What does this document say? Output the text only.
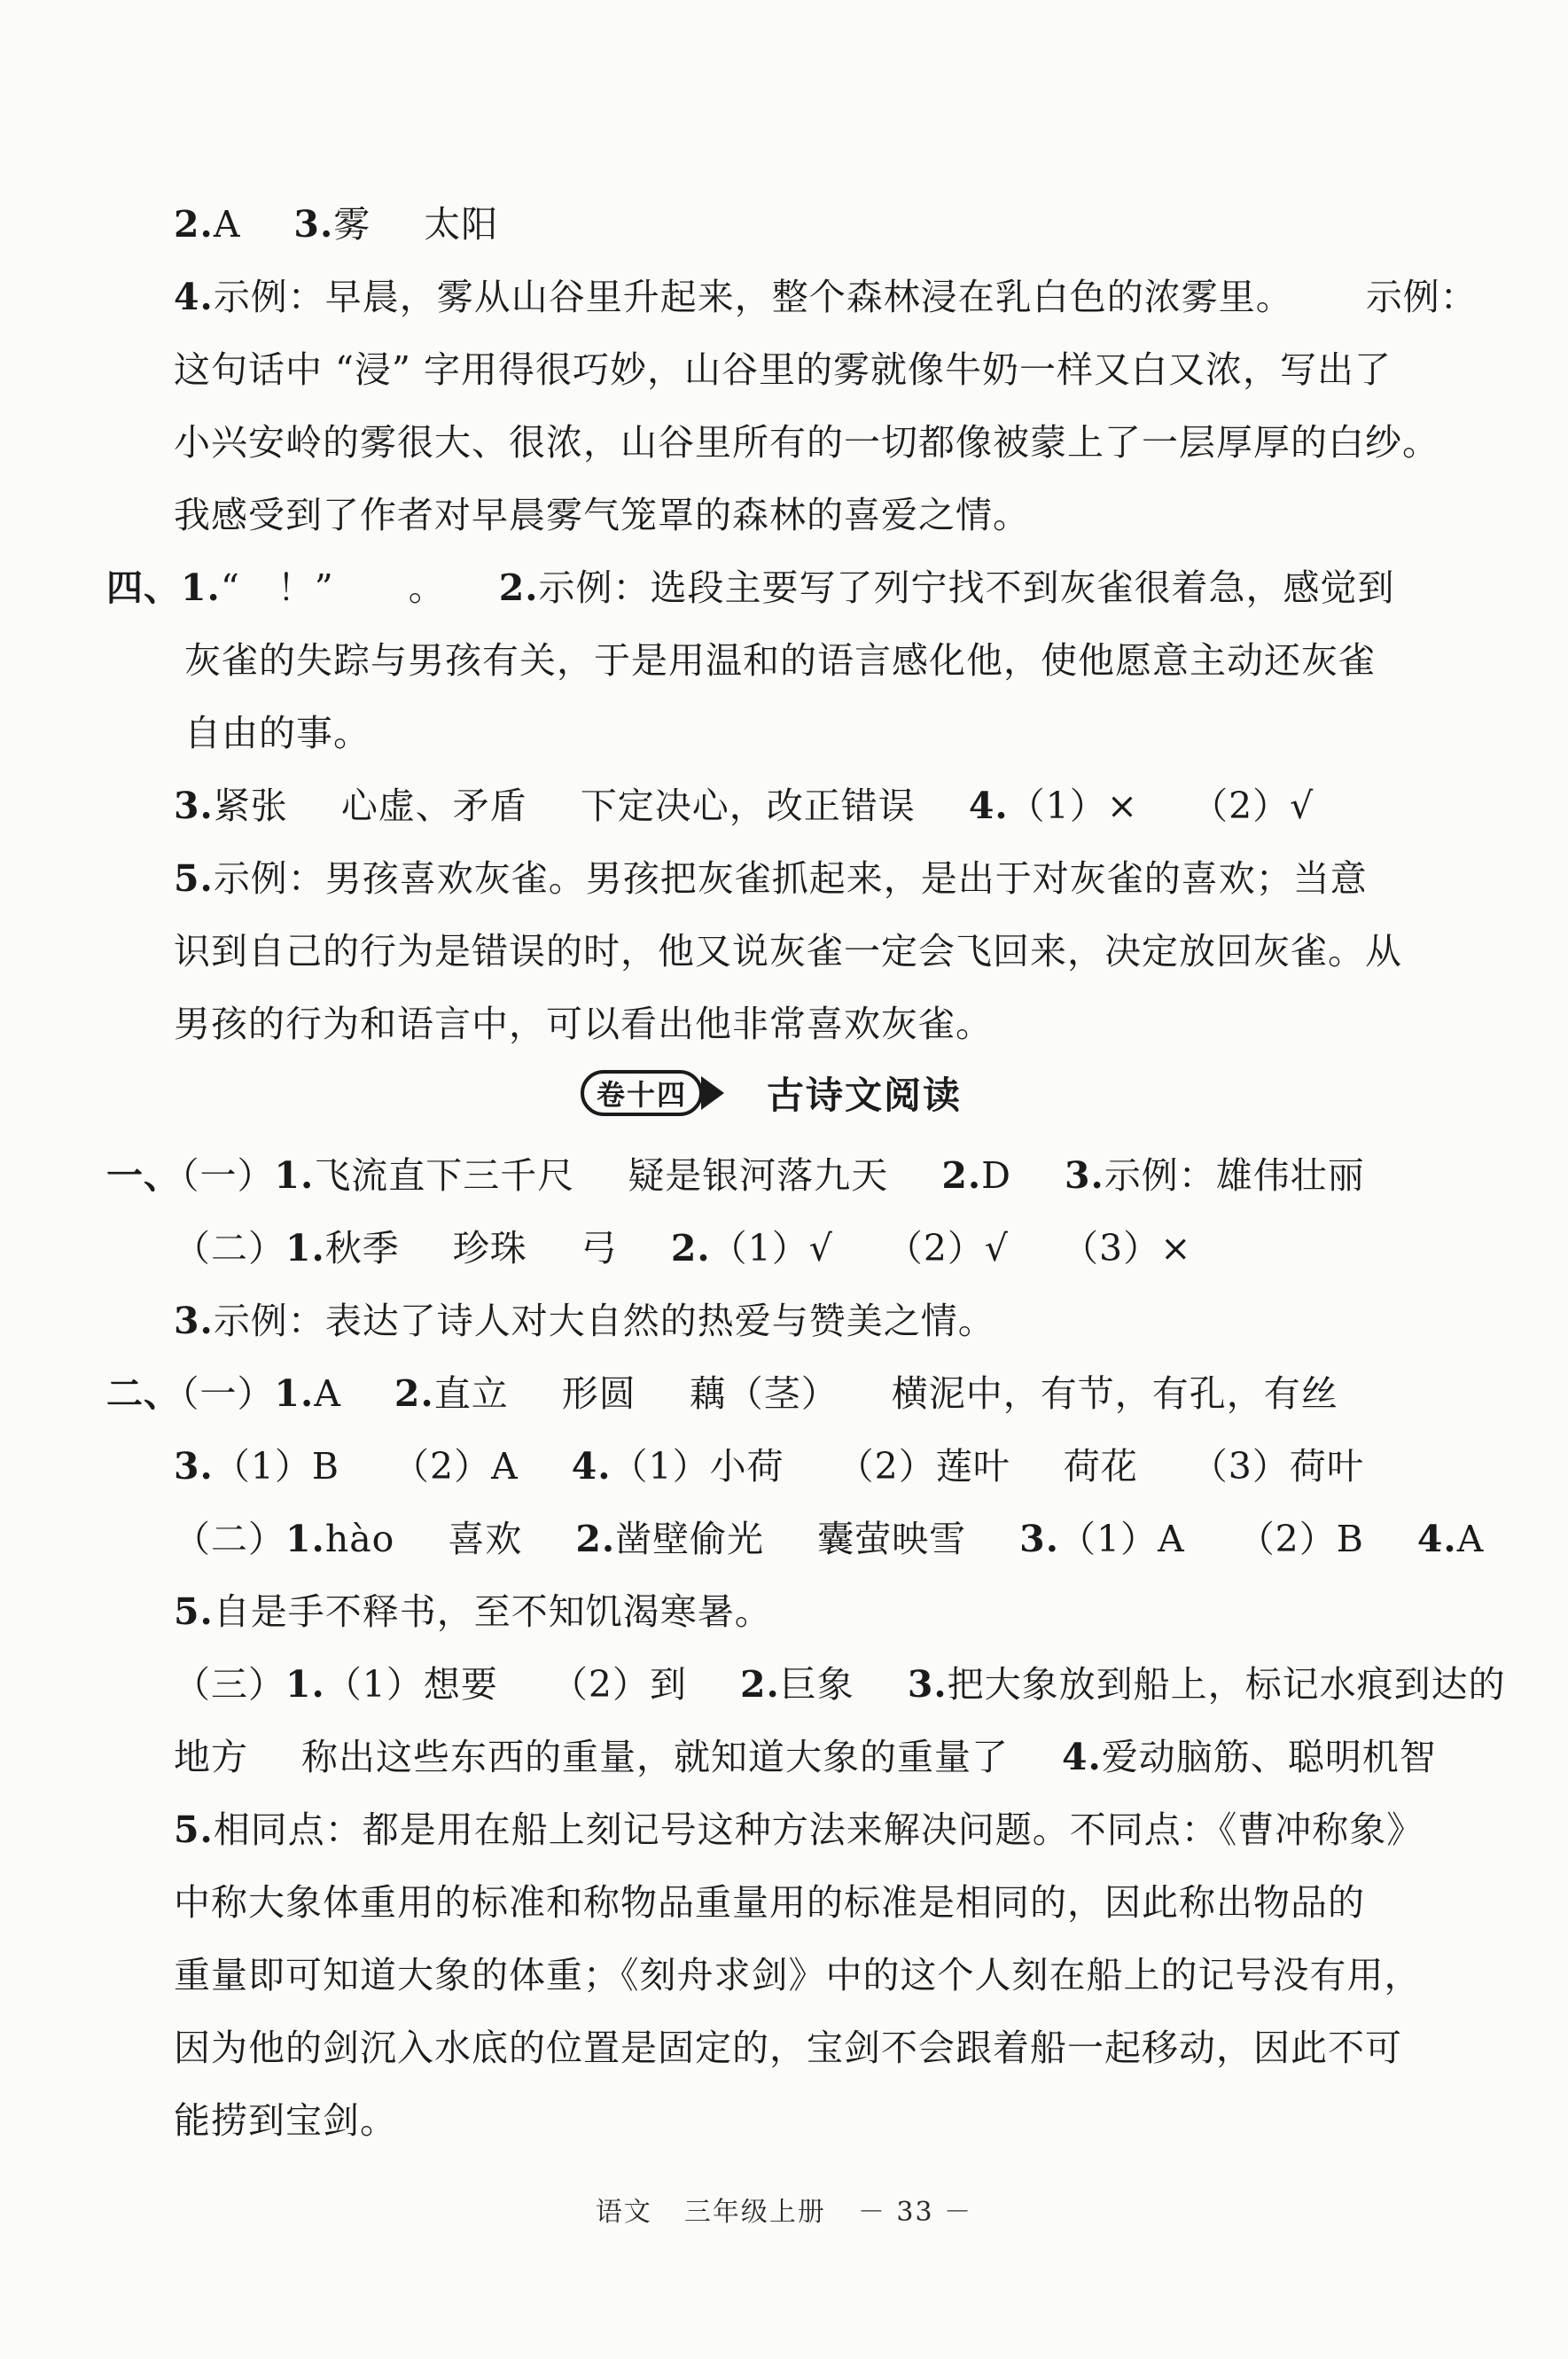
2.A 3.雾 太阳
4.示例：早晨，雾从山谷里升起来，整个森林浸在乳白色的浓雾里。 示例：
这句话中 “浸” 字用得很巧妙，山谷里的雾就像牛奶一样又白又浓，写出了
小兴安岭的雾很大、很浓，山谷里所有的一切都像被蒙上了一层厚厚的白纱。
我感受到了作者对早晨雾气笼罩的森林的喜爱之情。
四、1.“　！”　　。 2.示例：选段主要写了列宁找不到灰雀很着急，感觉到
灰雀的失踪与男孩有关，于是用温和的语言感化他，使他愿意主动还灰雀
自由的事。
3.紧张 心虚、矛盾 下定决心，改正错误 4.（1）× （2）√
5.示例：男孩喜欢灰雀。男孩把灰雀抓起来，是出于对灰雀的喜欢；当意
识到自己的行为是错误的时，他又说灰雀一定会飞回来，决定放回灰雀。从
男孩的行为和语言中，可以看出他非常喜欢灰雀。
卷十四	古诗文阅读
一、（一）1.飞流直下三千尺 疑是银河落九天 2.D 3.示例：雄伟壮丽
（二）1.秋季 珍珠 弓 2.（1）√ （2）√ （3）×
3.示例：表达了诗人对大自然的热爱与赞美之情。
二、（一）1.A 2.直立 形圆 藕（茎） 横泥中，有节，有孔，有丝
3.（1）B （2）A 4.（1）小荷 （2）莲叶 荷花 （3）荷叶
（二）1.hào 喜欢 2.凿壁偷光 囊萤映雪 3.（1）A （2）B 4.A
5.自是手不释书，至不知饥渴寒暑。
（三）1.（1）想要 （2）到 2.巨象 3.把大象放到船上，标记水痕到达的
地方 称出这些东西的重量，就知道大象的重量了 4.爱动脑筋、聪明机智
5.相同点：都是用在船上刻记号这种方法来解决问题。不同点：《曹冲称象》
中称大象体重用的标准和称物品重量用的标准是相同的，因此称出物品的
重量即可知道大象的体重；《刻舟求剑》中的这个人刻在船上的记号没有用，
因为他的剑沉入水底的位置是固定的，宝剑不会跟着船一起移动，因此不可
能捞到宝剑。
语文 三年级上册 － 33 －
